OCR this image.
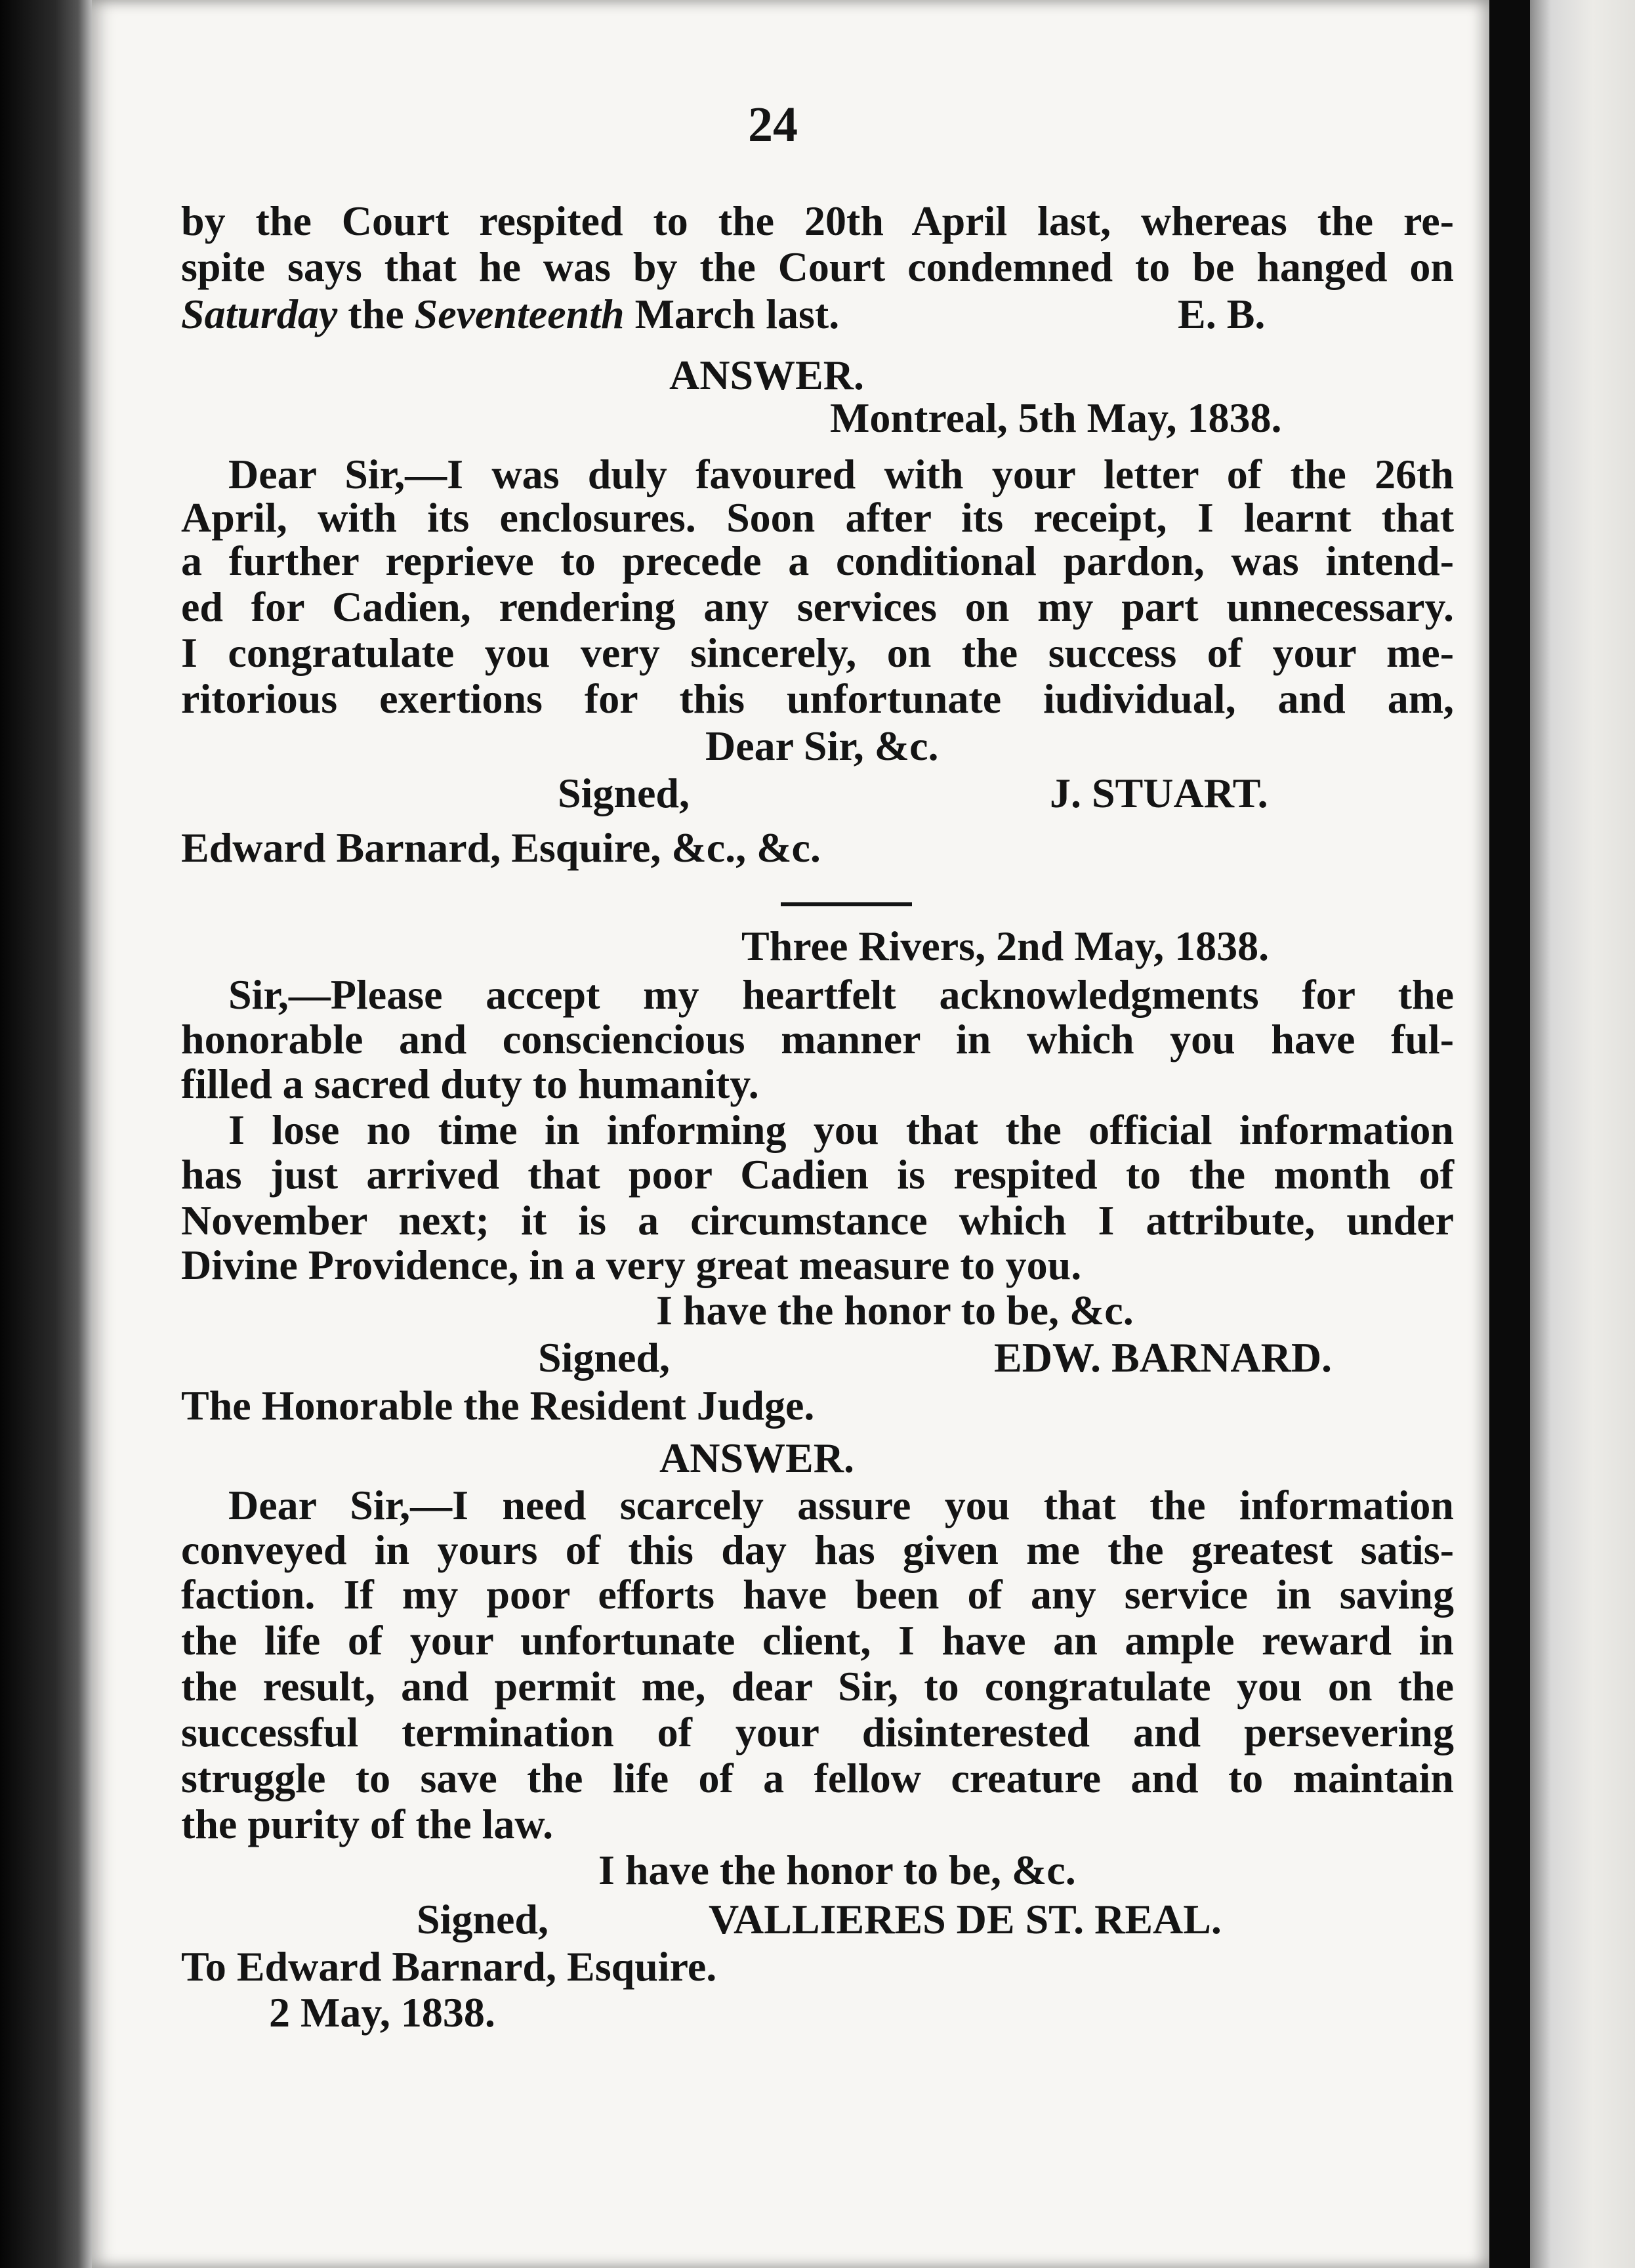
24
by the Court respited to the 20th April last, whereas the re-
spite says that he was by the Court condemned to be hanged on
Saturday the Seventeenth March last.	E. B.
ANSWER.
Montreal, 5th May, 1838.
Dear Sir,—I was duly favoured with your letter of the 26th
April, with its enclosures. Soon after its receipt, I learnt that
a further reprieve to precede a conditional pardon, was intend-
ed for Cadien, rendering any services on my part unnecessary.
I congratulate you very sincerely, on the success of your me-
ritorious exertions for this unfortunate iudividual, and am,
Dear Sir, &c.
Signed,	J. STUART.
Edward Barnard, Esquire, &c., &c.
Three Rivers, 2nd May, 1838.
Sir,—Please accept my heartfelt acknowledgments for the
honorable and consciencious manner in which you have ful-
filled a sacred duty to humanity.
I lose no time in informing you that the official information
has just arrived that poor Cadien is respited to the month of
November next; it is a circumstance which I attribute, under
Divine Providence, in a very great measure to you.
I have the honor to be, &c.
Signed,	EDW. BARNARD.
The Honorable the Resident Judge.
ANSWER.
Dear Sir,—I need scarcely assure you that the information
conveyed in yours of this day has given me the greatest satis-
faction. If my poor efforts have been of any service in saving
the life of your unfortunate client, I have an ample reward in
the result, and permit me, dear Sir, to congratulate you on the
successful termination of your disinterested and persevering
struggle to save the life of a fellow creature and to maintain
the purity of the law.
I have the honor to be, &c.
Signed,	VALLIERES DE ST. REAL.
To Edward Barnard, Esquire.
2 May, 1838.
